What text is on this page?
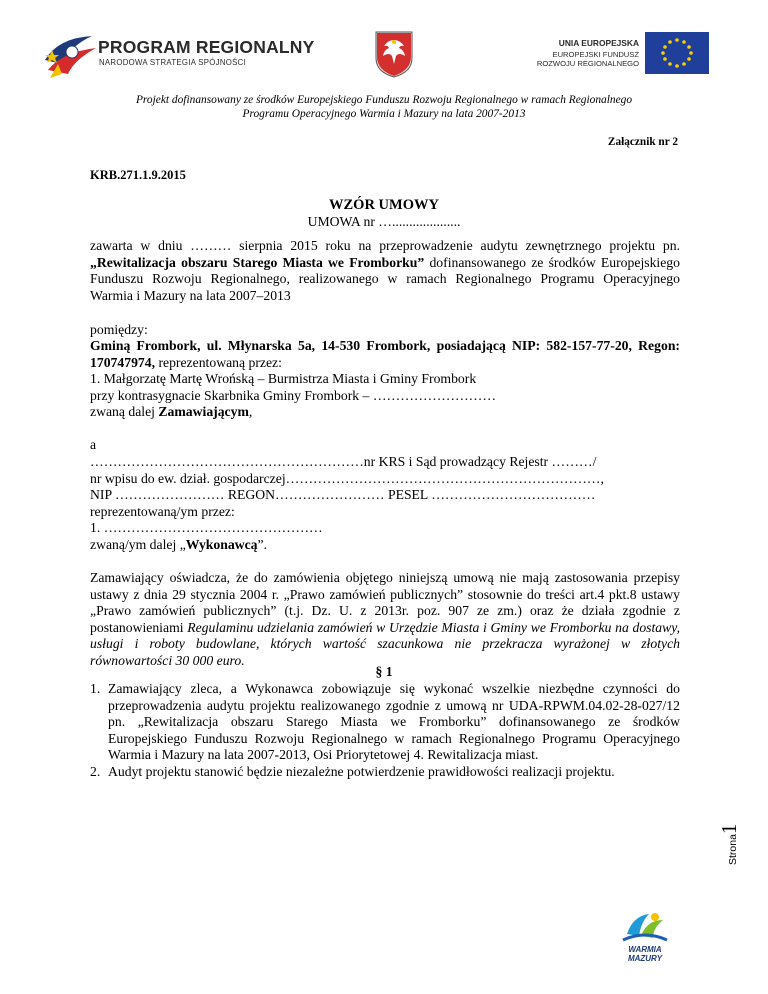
PROGRAM REGIONALNY
NARODOWA STRATEGIA SPÓJNOŚCI
UNIA EUROPEJSKA
EUROPEJSKI FUNDUSZ
ROZWOJU REGIONALNEGO
Projekt dofinansowany ze środków Europejskiego Funduszu Rozwoju Regionalnego w ramach Regionalnego
Programu Operacyjnego Warmia i Mazury na lata 2007-2013
Załącznik nr 2
KRB.271.1.9.2015
WZÓR UMOWY
UMOWA nr …....................
zawarta w dniu ……… sierpnia 2015 roku na przeprowadzenie audytu zewnętrznego projektu pn. „Rewitalizacja obszaru Starego Miasta we Fromborku” dofinansowanego ze środków Europejskiego Funduszu Rozwoju Regionalnego, realizowanego w ramach Regionalnego Programu Operacyjnego Warmia i Mazury na lata 2007–2013
pomiędzy:
Gminą Frombork, ul. Młynarska 5a, 14-530 Frombork, posiadającą NIP: 582-157-77-20, Regon: 170747974, reprezentowaną przez:
1. Małgorzatę Martę Wrońską – Burmistrza Miasta i Gminy Frombork
przy kontrasygnacie Skarbnika Gminy Frombork – ………………………
zwaną dalej Zamawiającym,
a
……………………………………………………nr KRS i Sąd prowadzący Rejestr ………/
nr wpisu do ew. dział. gospodarczej……………………………………………………………,
NIP …………………… REGON…………………… PESEL ………………………………
reprezentowaną/ym przez:
1. …………………………………………
zwaną/ym dalej „Wykonawcą”.
Zamawiający oświadcza, że do zamówienia objętego niniejszą umową nie mają zastosowania przepisy ustawy z dnia 29 stycznia 2004 r. „Prawo zamówień publicznych” stosownie do treści art.4 pkt.8 ustawy „Prawo zamówień publicznych” (t.j. Dz. U. z 2013r. poz. 907 ze zm.) oraz że działa zgodnie z postanowieniami Regulaminu udzielania zamówień w Urzędzie Miasta i Gminy we Fromborku na dostawy, usługi i roboty budowlane, których wartość szacunkowa nie przekracza wyrażonej w złotych równowartości 30 000 euro.
§ 1
1. Zamawiający zleca, a Wykonawca zobowiązuje się wykonać wszelkie niezbędne czynności do przeprowadzenia audytu projektu realizowanego zgodnie z umową nr UDA-RPWM.04.02-28-027/12 pn. „Rewitalizacja obszaru Starego Miasta we Fromborku” dofinansowanego ze środków Europejskiego Funduszu Rozwoju Regionalnego w ramach Regionalnego Programu Operacyjnego Warmia i Mazury na lata 2007-2013, Osi Priorytetowej 4. Rewitalizacja miast.
2. Audyt projektu stanowić będzie niezależne potwierdzenie prawidłowości realizacji projektu.
Strona1
WARMIA
MAZURY
